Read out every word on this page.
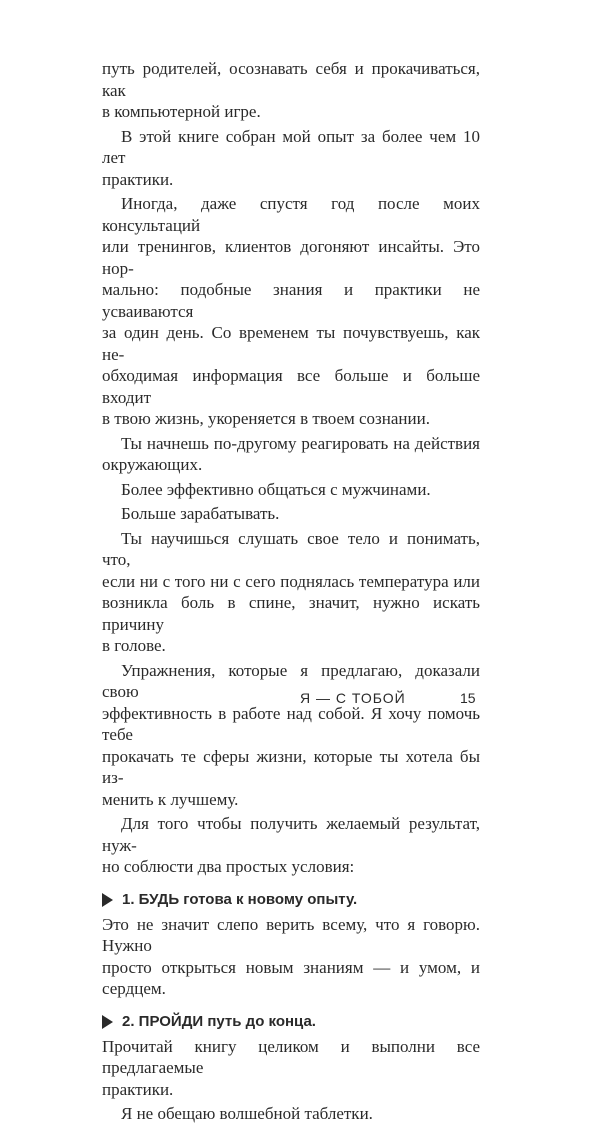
путь родителей, осознавать себя и прокачиваться, как
в компьютерной игре.

В этой книге собран мой опыт за более чем 10 лет
практики.

Иногда, даже спустя год после моих консультаций
или тренингов, клиентов догоняют инсайты. Это нор-
мально: подобные знания и практики не усваиваются
за один день. Со временем ты почувствуешь, как не-
обходимая информация все больше и больше входит
в твою жизнь, укореняется в твоем сознании.

Ты начнешь по-другому реагировать на действия
окружающих.

Более эффективно общаться с мужчинами.

Больше зарабатывать.

Ты научишься слушать свое тело и понимать, что,
если ни с того ни с сего поднялась температура или
возникла боль в спине, значит, нужно искать причину
в голове.

Упражнения, которые я предлагаю, доказали свою
эффективность в работе над собой. Я хочу помочь тебе
прокачать те сферы жизни, которые ты хотела бы из-
менить к лучшему.

Для того чтобы получить желаемый результат, нуж-
но соблюсти два простых условия:

1. БУДЬ готова к новому опыту.

Это не значит слепо верить всему, что я говорю. Нужно
просто открыться новым знаниям — и умом, и сердцем.

2. ПРОЙДИ путь до конца.

Прочитай книгу целиком и выполни все предлагаемые
практики.

Я не обещаю волшебной таблетки.

Я — С ТОБОЙ	15
